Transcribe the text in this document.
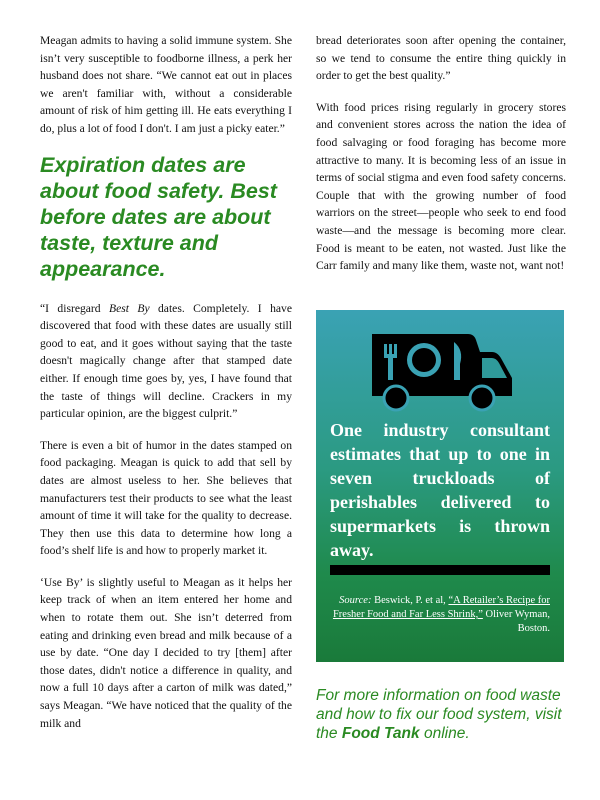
Meagan admits to having a solid immune system. She isn’t very susceptible to foodborne illness, a perk her husband does not share. “We cannot eat out in places we aren't familiar with, without a considerable amount of risk of him getting ill. He eats everything I do, plus a lot of food I don't. I am just a picky eater.”

Expiration dates are about food safety. Best before dates are about taste, texture and appearance.

“I disregard Best By dates. Completely. I have discovered that food with these dates are usually still good to eat, and it goes without saying that the taste doesn't magically change after that stamped date either. If enough time goes by, yes, I have found that the taste of things will decline. Crackers in my particular opinion, are the biggest culprit.”

There is even a bit of humor in the dates stamped on food packaging. Meagan is quick to add that sell by dates are almost useless to her. She believes that manufacturers test their products to see what the least amount of time it will take for the quality to decrease. They then use this data to determine how long a food’s shelf life is and how to properly market it.

‘Use By’ is slightly useful to Meagan as it helps her keep track of when an item entered her home and when to rotate them out. She isn’t deterred from eating and drinking even bread and milk because of a use by date. “One day I decided to try [them] after those dates, didn't notice a difference in quality, and now a full 10 days after a carton of milk was dated,” says Meagan. “We have noticed that the quality of the milk and

bread deteriorates soon after opening the container, so we tend to consume the entire thing quickly in order to get the best quality.”

With food prices rising regularly in grocery stores and convenient stores across the nation the idea of food salvaging or food foraging has become more attractive to many. It is becoming less of an issue in terms of social stigma and even food safety concerns. Couple that with the growing number of food warriors on the street—people who seek to end food waste—and the message is becoming more clear. Food is meant to be eaten, not wasted. Just like the Carr family and many like them, waste not, want not!

One industry consultant estimates that up to one in seven truckloads of perishables delivered to supermarkets is thrown away.
Source: Beswick, P. et al, “A Retailer’s Recipe for Fresher Food and Far Less Shrink,” Oliver Wyman, Boston.
For more information on food waste and how to fix our food system, visit the Food Tank online.
